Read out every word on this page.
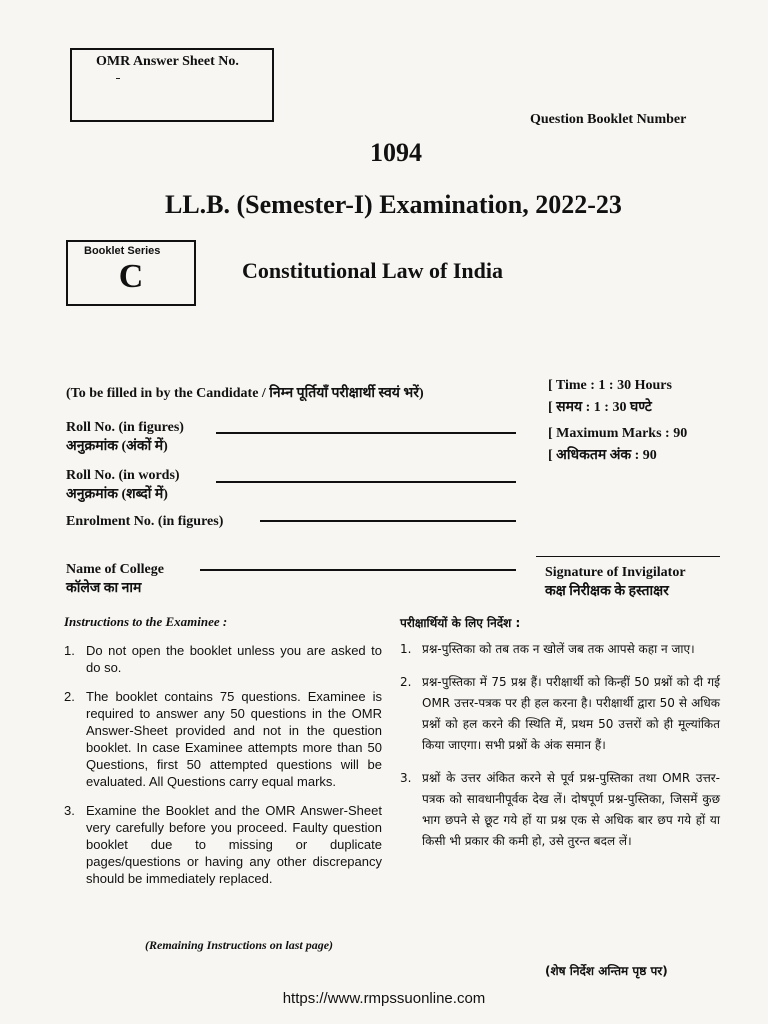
OMR Answer Sheet No.
Question Booklet Number
1094
LL.B. (Semester-I) Examination, 2022-23
Booklet Series
C	Constitutional Law of India
(To be filled in by the Candidate / निम्न पूर्तियाँ परीक्षार्थी स्वयं भरें)
[ Time : 1 : 30 Hours
[ समय : 1 : 30 घण्टे
[ Maximum Marks : 90
[ अधिकतम अंक : 90
Roll No. (in figures)
अनुक्रमांक (अंकों में)
Roll No. (in words)
अनुक्रमांक (शब्दों में)
Enrolment No. (in figures)
Name of College
कॉलेज का नाम
Signature of Invigilator
कक्ष निरीक्षक के हस्ताक्षर
Instructions to the Examinee :
1. Do not open the booklet unless you are asked to do so.
2. The booklet contains 75 questions. Examinee is required to answer any 50 questions in the OMR Answer-Sheet provided and not in the question booklet. In case Examinee attempts more than 50 Questions, first 50 attempted questions will be evaluated. All Questions carry equal marks.
3. Examine the Booklet and the OMR Answer-Sheet very carefully before you proceed. Faulty question booklet due to missing or duplicate pages/questions or having any other discrepancy should be immediately replaced.
(Remaining Instructions on last page)
परीक्षार्थियों के लिए निर्देश :
1. प्रश्न-पुस्तिका को तब तक न खोलें जब तक आपसे कहा न जाए।
2. प्रश्न-पुस्तिका में 75 प्रश्न हैं। परीक्षार्थी को किन्हीं 50 प्रश्नों को दी गई OMR उत्तर-पत्रक पर ही हल करना है। परीक्षार्थी द्वारा 50 से अधिक प्रश्नों को हल करने की स्थिति में, प्रथम 50 उत्तरों को ही मूल्यांकित किया जाएगा। सभी प्रश्नों के अंक समान हैं।
3. प्रश्नों के उत्तर अंकित करने से पूर्व प्रश्न-पुस्तिका तथा OMR उत्तर-पत्रक को सावधानीपूर्वक देख लें। दोषपूर्ण प्रश्न-पुस्तिका, जिसमें कुछ भाग छपने से छूट गये हों या प्रश्न एक से अधिक बार छप गये हों या किसी भी प्रकार की कमी हो, उसे तुरन्त बदल लें।
(शेष निर्देश अन्तिम पृष्ठ पर)
https://www.rmpssuonline.com
